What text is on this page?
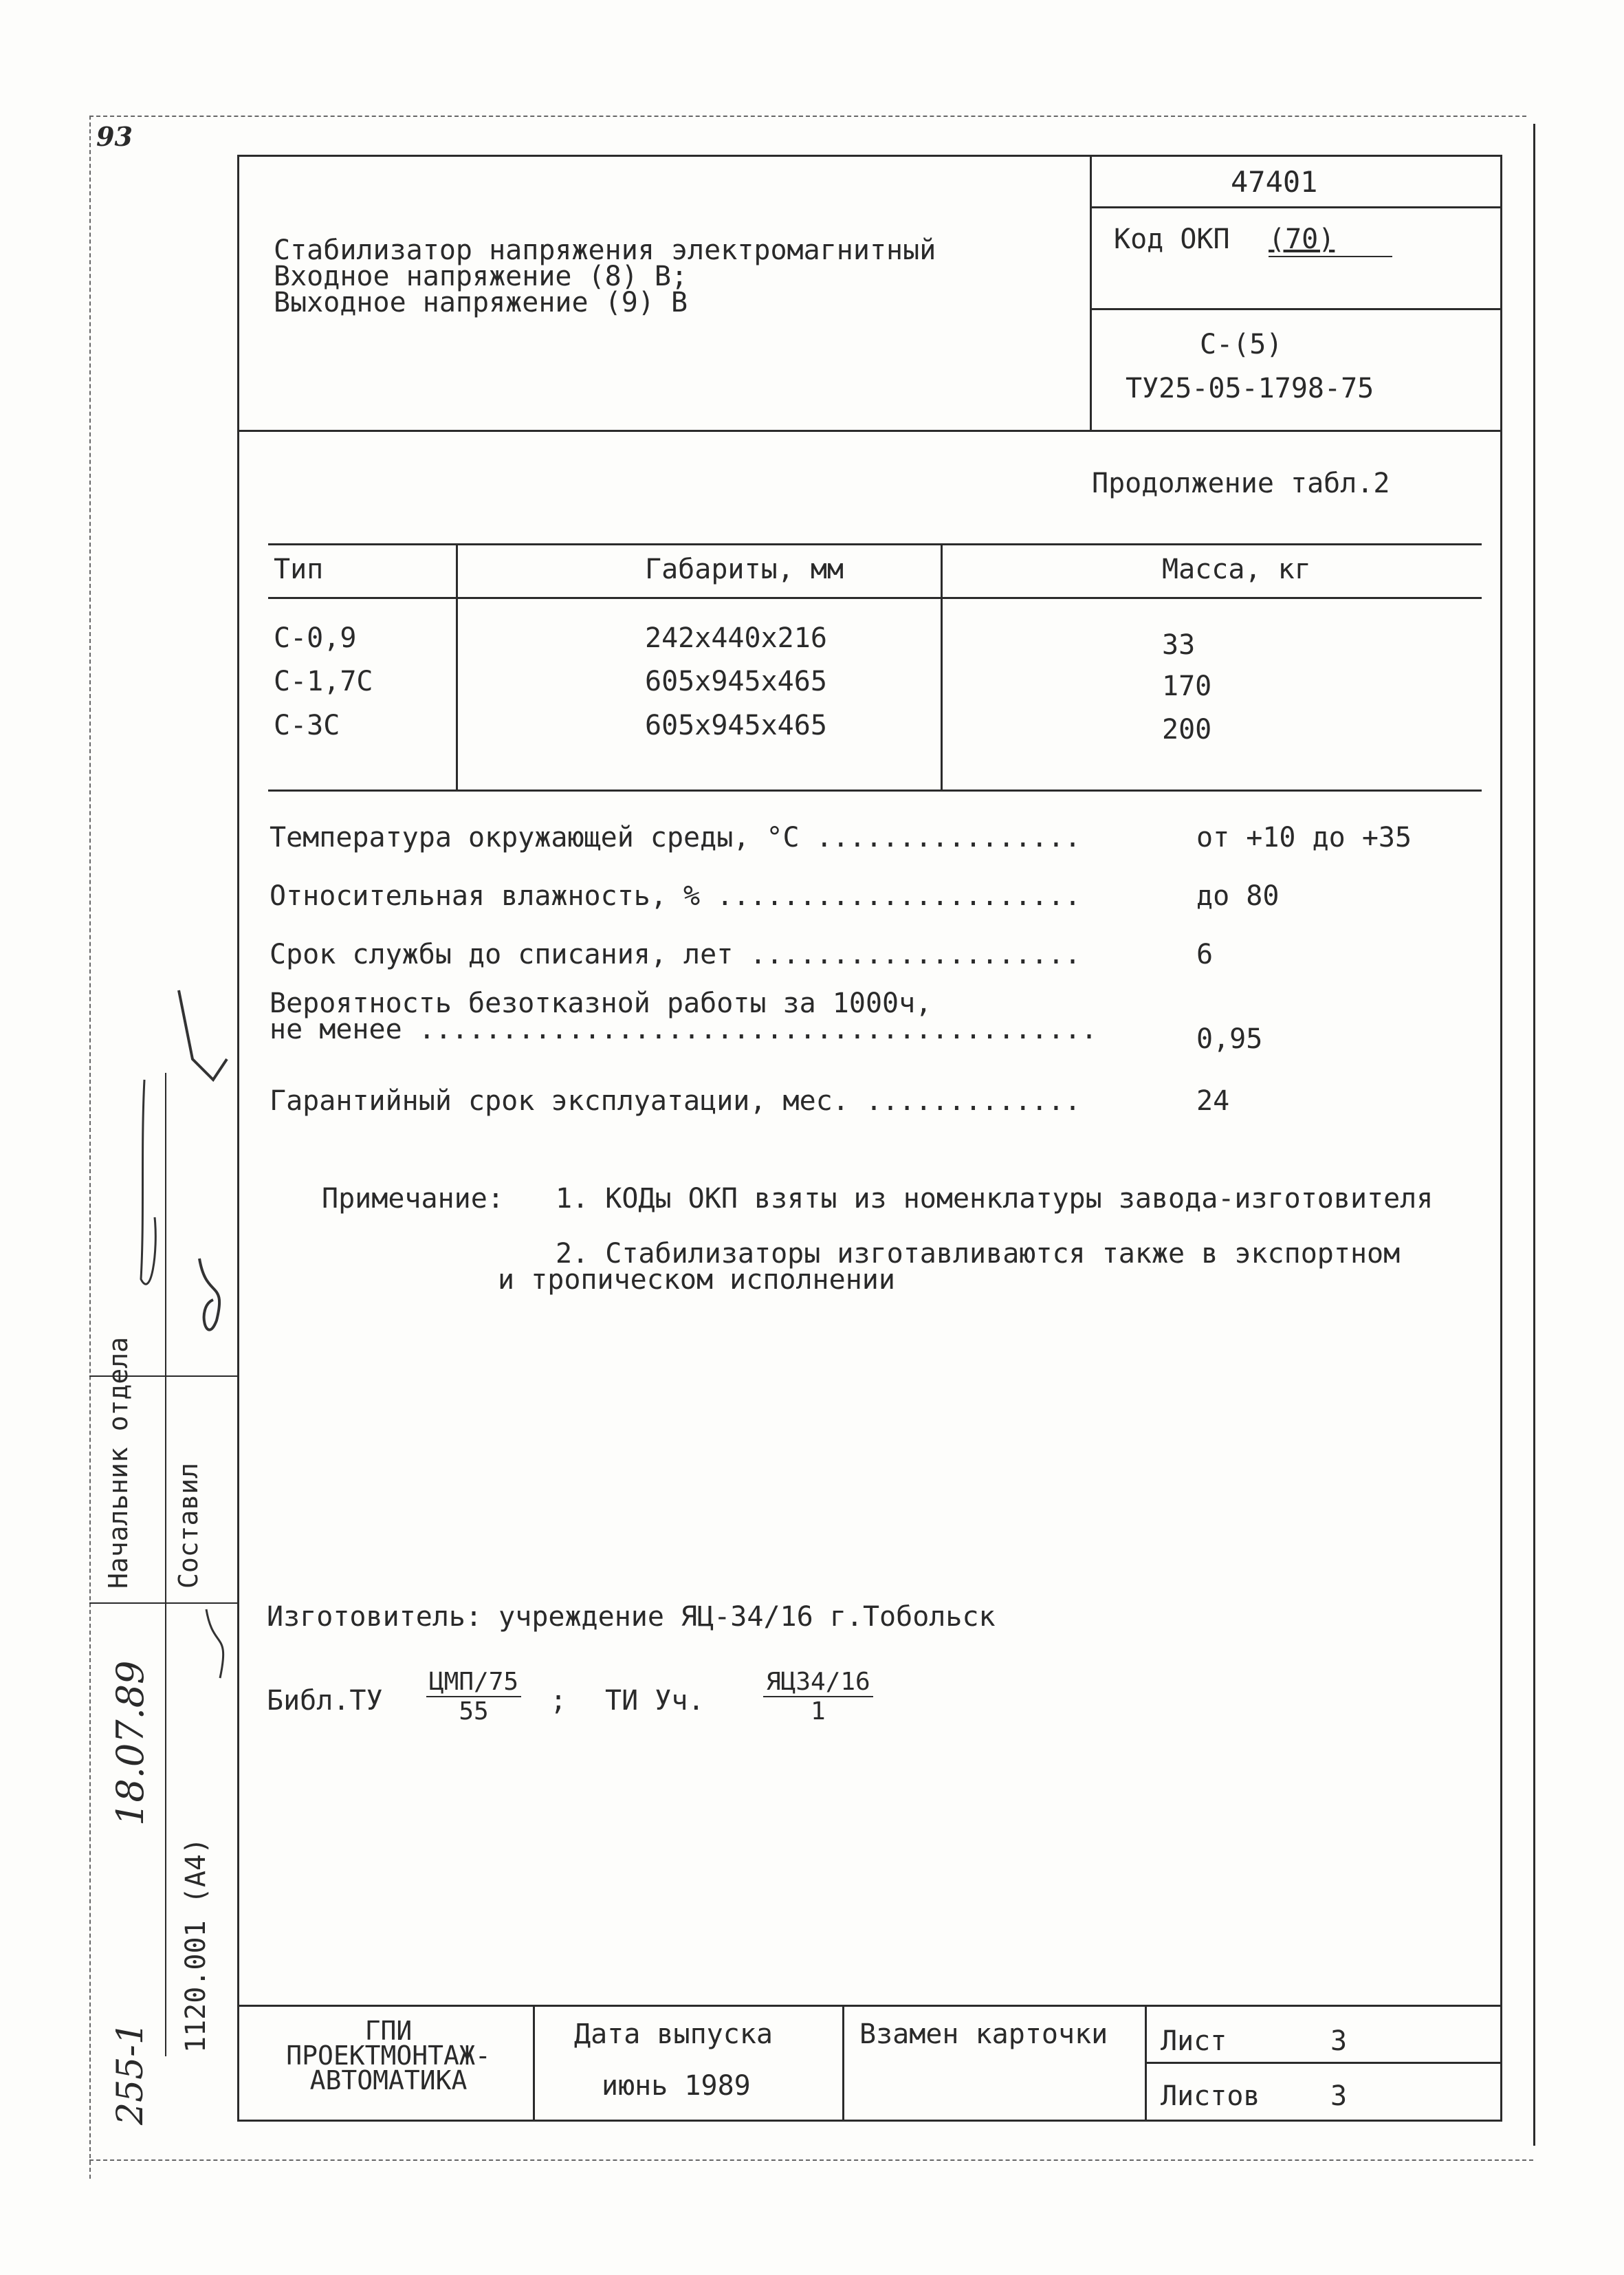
93
Стабилизатор напряжения электромагнитный
Входное напряжение (8) В;
Выходное напряжение (9) В
47401
Код ОКП (70)
С-(5)
ТУ25-05-1798-75
Продолжение табл.2
Тип	Габариты, мм	Масса, кг
С-0,9	242x440x216	33
С-1,7С	605x945x465	170
С-3С	605x945x465	200
Температура окружающей среды, °С ................	от +10 до +35
Относительная влажность, % ......................	до 80
Срок службы до списания, лет ....................	6
Вероятность безотказной работы за 1000ч,
не менее .........................................	0,95
Гарантийный срок эксплуатации, мес. .............	24
Примечание: 1. КОДы ОКП взяты из номенклатуры завода-изготовителя
2. Стабилизаторы изготавливаются также в экспортном
и тропическом исполнении
Изготовитель: учреждение ЯЦ-34/16 г.Тобольск
Библ.ТУ
ЦМП/75
55	; ТИ Уч.
ЯЦ34/16
1
ГПИ
ПРОЕКТМОНТАЖ-
АВТОМАТИКА
Дата выпуска
июнь 1989
Взамен карточки Лист	3
Листов	3
Начальник отдела Составил
18.07.89
1120.001 (А4)
255-1
